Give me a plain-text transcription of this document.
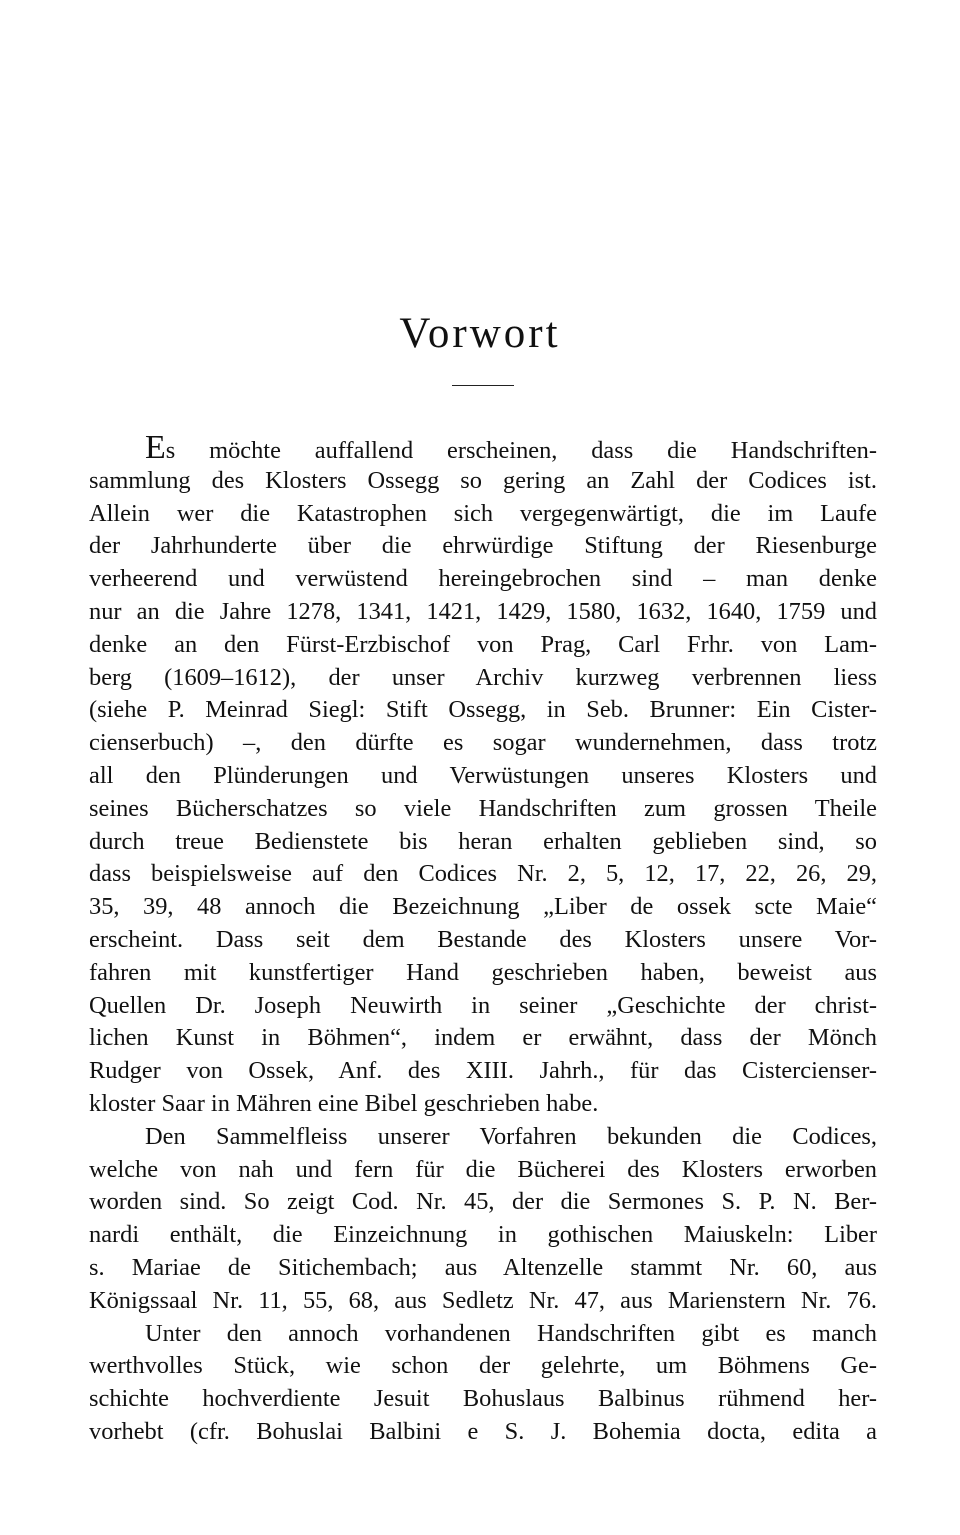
Vorwort
Es möchte auffallend erscheinen, dass die Handschriften-
sammlung des Klosters Ossegg so gering an Zahl der Codices ist.
Allein wer die Katastrophen sich vergegenwärtigt, die im Laufe
der Jahrhunderte über die ehrwürdige Stiftung der Riesenburge
verheerend und verwüstend hereingebrochen sind – man denke
nur an die Jahre 1278, 1341, 1421, 1429, 1580, 1632, 1640, 1759 und
denke an den Fürst-Erzbischof von Prag, Carl Frhr. von Lam-
berg (1609–1612), der unser Archiv kurzweg verbrennen liess
(siehe P. Meinrad Siegl: Stift Ossegg, in Seb. Brunner: Ein Cister-
cienserbuch) –, den dürfte es sogar wundernehmen, dass trotz
all den Plünderungen und Verwüstungen unseres Klosters und
seines Bücherschatzes so viele Handschriften zum grossen Theile
durch treue Bedienstete bis heran erhalten geblieben sind, so
dass beispielsweise auf den Codices Nr. 2, 5, 12, 17, 22, 26, 29,
35, 39, 48 annoch die Bezeichnung „Liber de ossek scte Maie“
erscheint. Dass seit dem Bestande des Klosters unsere Vor-
fahren mit kunstfertiger Hand geschrieben haben, beweist aus
Quellen Dr. Joseph Neuwirth in seiner „Geschichte der christ-
lichen Kunst in Böhmen“, indem er erwähnt, dass der Mönch
Rudger von Ossek, Anf. des XIII. Jahrh., für das Cistercienser-
kloster Saar in Mähren eine Bibel geschrieben habe.
Den Sammelfleiss unserer Vorfahren bekunden die Codices,
welche von nah und fern für die Bücherei des Klosters erworben
worden sind. So zeigt Cod. Nr. 45, der die Sermones S. P. N. Ber-
nardi enthält, die Einzeichnung in gothischen Maiuskeln: Liber
s. Mariae de Sitichembach; aus Altenzelle stammt Nr. 60, aus
Königssaal Nr. 11, 55, 68, aus Sedletz Nr. 47, aus Marienstern Nr. 76.
Unter den annoch vorhandenen Handschriften gibt es manch
werthvolles Stück, wie schon der gelehrte, um Böhmens Ge-
schichte hochverdiente Jesuit Bohuslaus Balbinus rühmend her-
vorhebt (cfr. Bohuslai Balbini e S. J. Bohemia docta, edita a
